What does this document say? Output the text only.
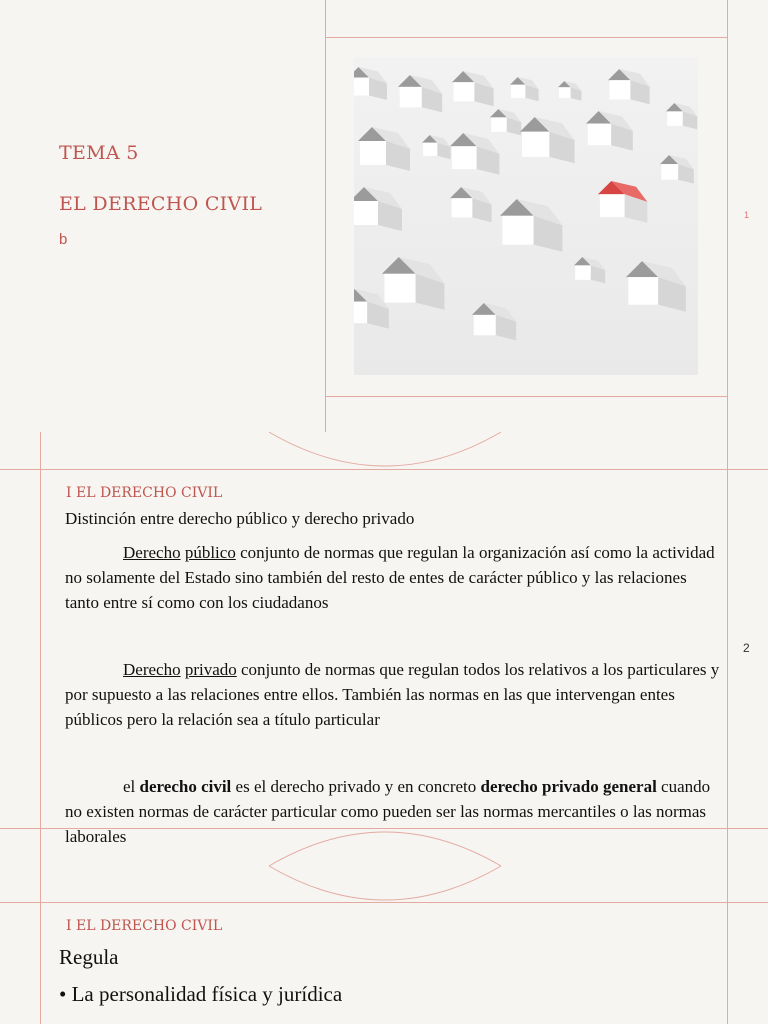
TEMA 5
EL DERECHO CIVIL
b
1
I EL DERECHO CIVIL
Distinción entre derecho público y derecho privado
Derecho público conjunto de normas que regulan la organización así como la actividad no solamente del Estado sino también del resto de entes de carácter público y las relaciones tanto entre sí como con los ciudadanos
Derecho privado conjunto de normas que regulan todos los relativos a los particulares y por supuesto a las relaciones entre ellos. También las normas en las que intervengan entes públicos pero la relación sea a título particular
el derecho civil es el derecho privado y en concreto derecho privado general cuando no existen normas de carácter particular como pueden ser las normas mercantiles o las normas laborales
2
I EL DERECHO CIVIL
Regula
• La personalidad física y jurídica
